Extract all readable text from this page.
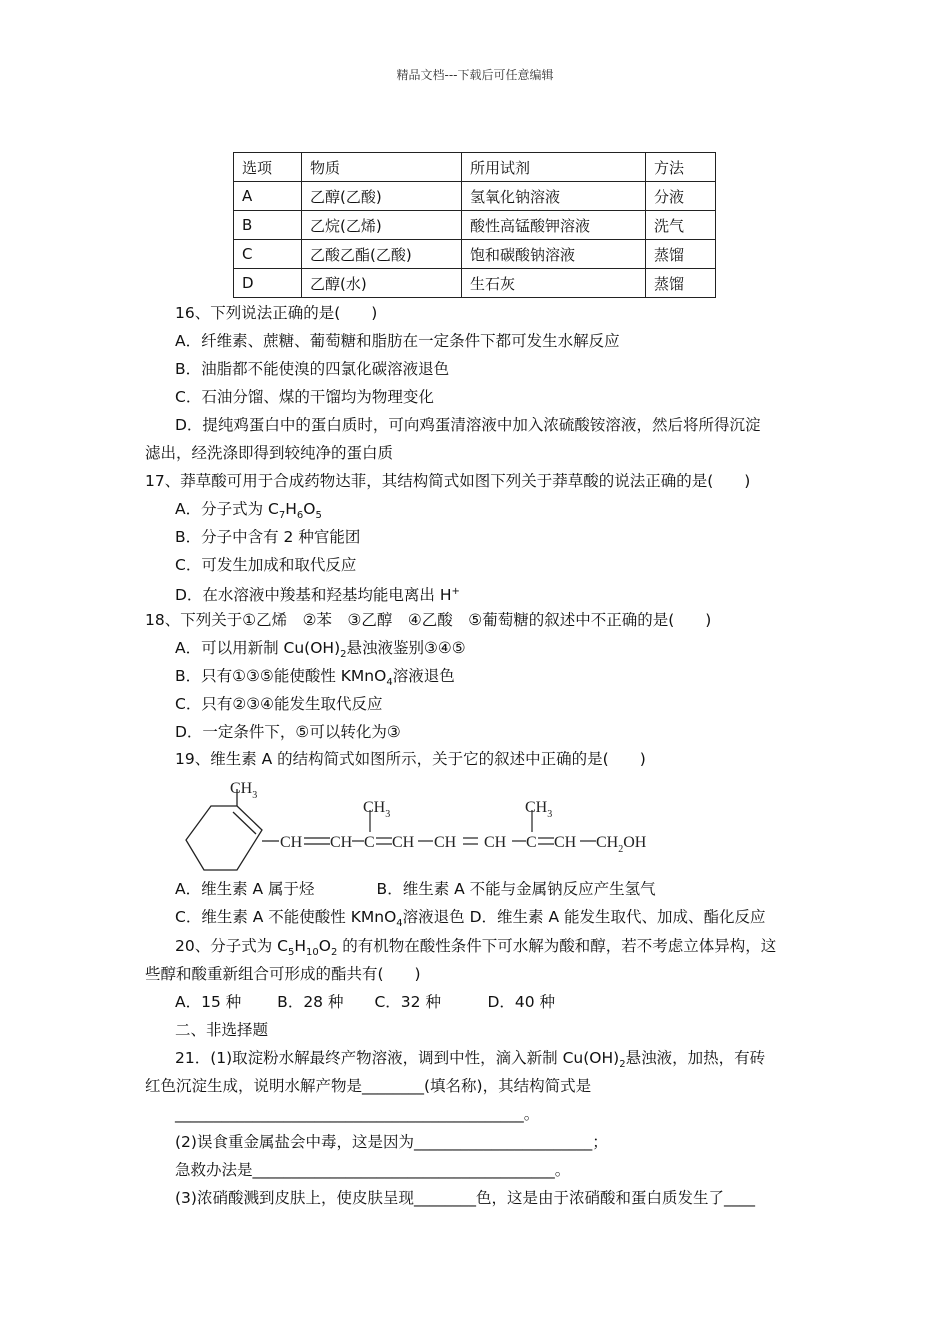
精品文档---下载后可任意编辑
选项	物质	所用试剂	方法
A	乙醇(乙酸)	氢氧化钠溶液	分液
B	乙烷(乙烯)	酸性高锰酸钾溶液	洗气
C	乙酸乙酯(乙酸)	饱和碳酸钠溶液	蒸馏
D	乙醇(水)	生石灰	蒸馏
16、下列说法正确的是(　　)
A．纤维素、蔗糖、葡萄糖和脂肪在一定条件下都可发生水解反应
B．油脂都不能使溴的四氯化碳溶液退色
C．石油分馏、煤的干馏均为物理变化
D．提纯鸡蛋白中的蛋白质时，可向鸡蛋清溶液中加入浓硫酸铵溶液，然后将所得沉淀
滤出，经洗涤即得到较纯净的蛋白质
17、莽草酸可用于合成药物达菲，其结构简式如图下列关于莽草酸的说法正确的是(　　)
A．分子式为 $C_7H_6O_5$
B．分子中含有 2 种官能团
C．可发生加成和取代反应
D．在水溶液中羧基和羟基均能电离出 H+
18、下列关于①乙烯　②苯　③乙醇　④乙酸　⑤葡萄糖的叙述中不正确的是(　　)
A．可以用新制 $Cu(OH)_2$悬浊液鉴别③④⑤
B．只有①③⑤能使酸性 KMnO$_4$溶液退色
C．只有②③④能发生取代反应
D．一定条件下，⑤可以转化为③
19、维生素 A 的结构简式如图所示，关于它的叙述中正确的是(　　)
$CH_3$
$CH_3$	$CH_3$
CH CH C CH CH CH C CH $CH_2OH$
A．维生素 A 属于烃　　　　B．维生素 A 不能与金属钠反应产生氢气
C．维生素 A 不能使酸性 KMnO$_4$溶液退色 D．维生素 A 能发生取代、加成、酯化反应
20、分子式为 $C_5H_{10}O_2$ 的有机物在酸性条件下可水解为酸和醇，若不考虑立体异构，这
些醇和酸重新组合可形成的酯共有(　　)
A．15 种　　 B．28 种　　C．32 种　　　D．40 种
二、非选择题
21．(1)取淀粉水解最终产物溶液，调到中性，滴入新制 $Cu(OH)_2$悬浊液，加热，有砖
红色沉淀生成，说明水解产物是________(填名称)，其结构简式是
_____________________________________________。
(2)误食重金属盐会中毒，这是因为_______________________；
急救办法是_______________________________________。
(3)浓硝酸溅到皮肤上，使皮肤呈现________色，这是由于浓硝酸和蛋白质发生了____
